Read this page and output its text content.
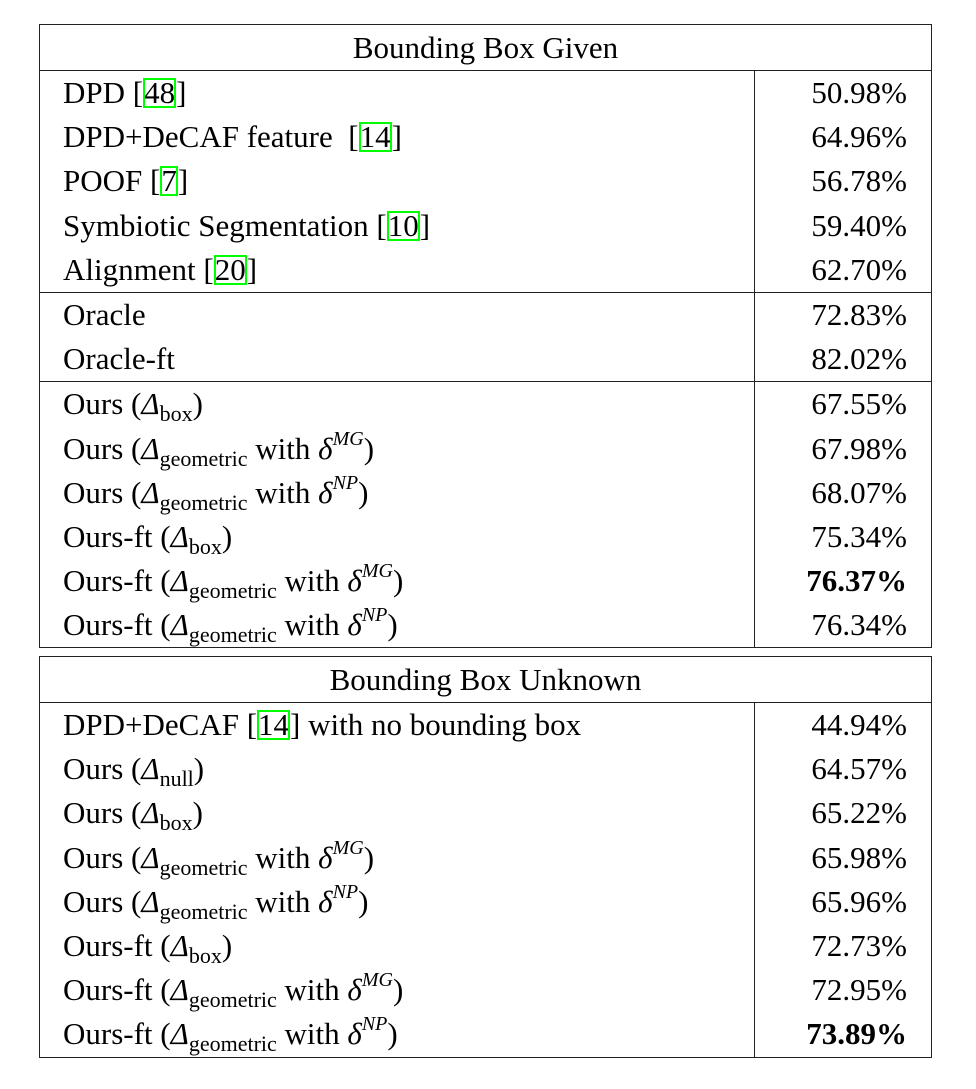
Bounding Box Given
DPD [48]	50.98%
DPD+DeCAF feature  [14]	64.96%
POOF [7]	56.78%
Symbiotic Segmentation [10]	59.40%
Alignment [20]	62.70%
Oracle	72.83%
Oracle-ft	82.02%
Ours $(\Delta_{box})$	67.55%
Ours ($\Delta_{geometric}$ with $\delta^{MG}$)	67.98%
Ours ($\Delta_{geometric}$ with $\delta^{NP}$)	68.07%
Ours-ft $(\Delta_{box})$	75.34%
Ours-ft ($\Delta_{geometric}$ with $\delta^{MG}$)	76.37%
Ours-ft ($\Delta_{geometric}$ with $\delta^{NP}$)	76.34%
Bounding Box Unknown
DPD+DeCAF [14] with no bounding box	44.94%
Ours $(\Delta_{null})$	64.57%
Ours $(\Delta_{box})$	65.22%
Ours ($\Delta_{geometric}$ with $\delta^{MG}$)	65.98%
Ours ($\Delta_{geometric}$ with $\delta^{NP}$)	65.96%
Ours-ft $(\Delta_{box})$	72.73%
Ours-ft ($\Delta_{geometric}$ with $\delta^{MG}$)	72.95%
Ours-ft ($\Delta_{geometric}$ with $\delta^{NP}$)	73.89%
